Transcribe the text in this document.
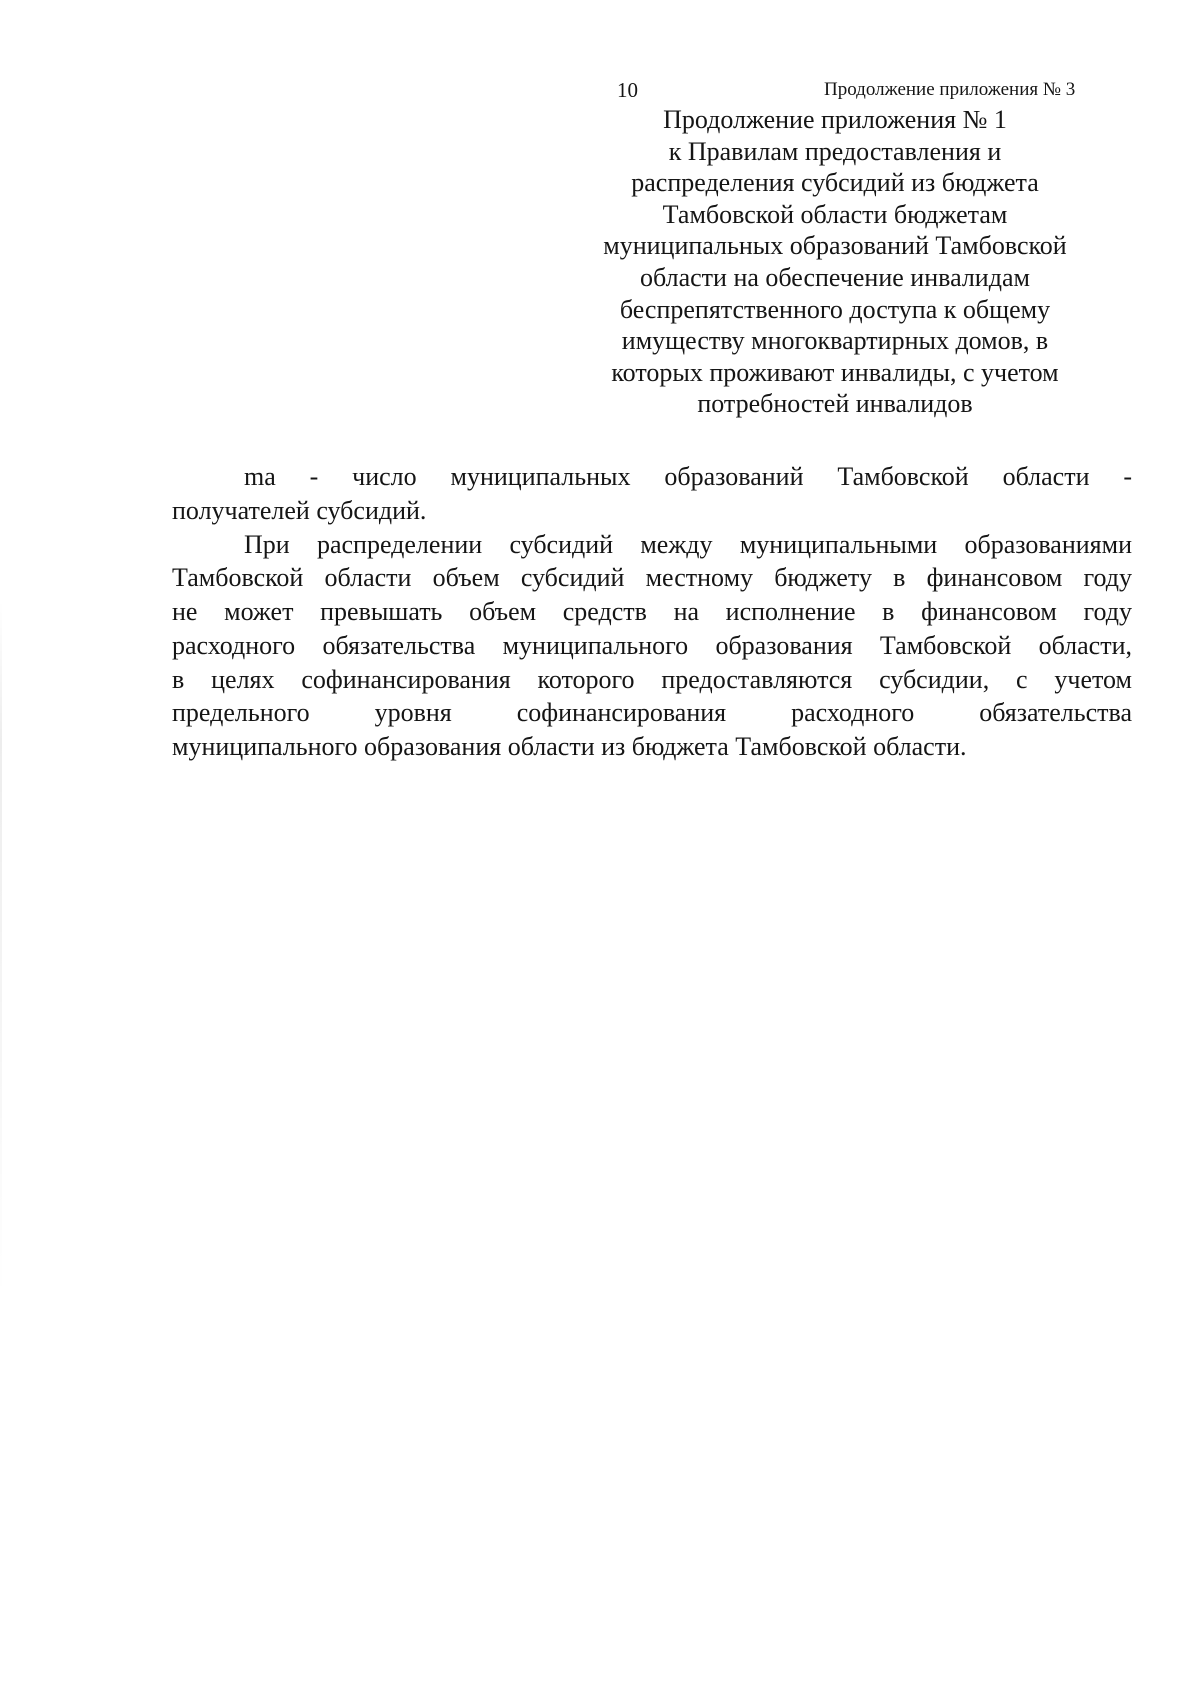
10	Продолжение приложения № 3
Продолжение приложения № 1
к Правилам предоставления и
распределения субсидий из бюджета
Тамбовской области бюджетам
муниципальных образований Тамбовской
области на обеспечение инвалидам
беспрепятственного доступа к общему
имуществу многоквартирных домов, в
которых проживают инвалиды, с учетом
потребностей инвалидов

ma - число муниципальных образований Тамбовской области -
получателей субсидий.

При распределении субсидий между муниципальными образованиями
Тамбовской области объем субсидий местному бюджету в финансовом году
не может превышать объем средств на исполнение в финансовом году
расходного обязательства муниципального образования Тамбовской области,
в целях софинансирования которого предоставляются субсидии, с учетом
предельного уровня софинансирования расходного обязательства
муниципального образования области из бюджета Тамбовской области.
